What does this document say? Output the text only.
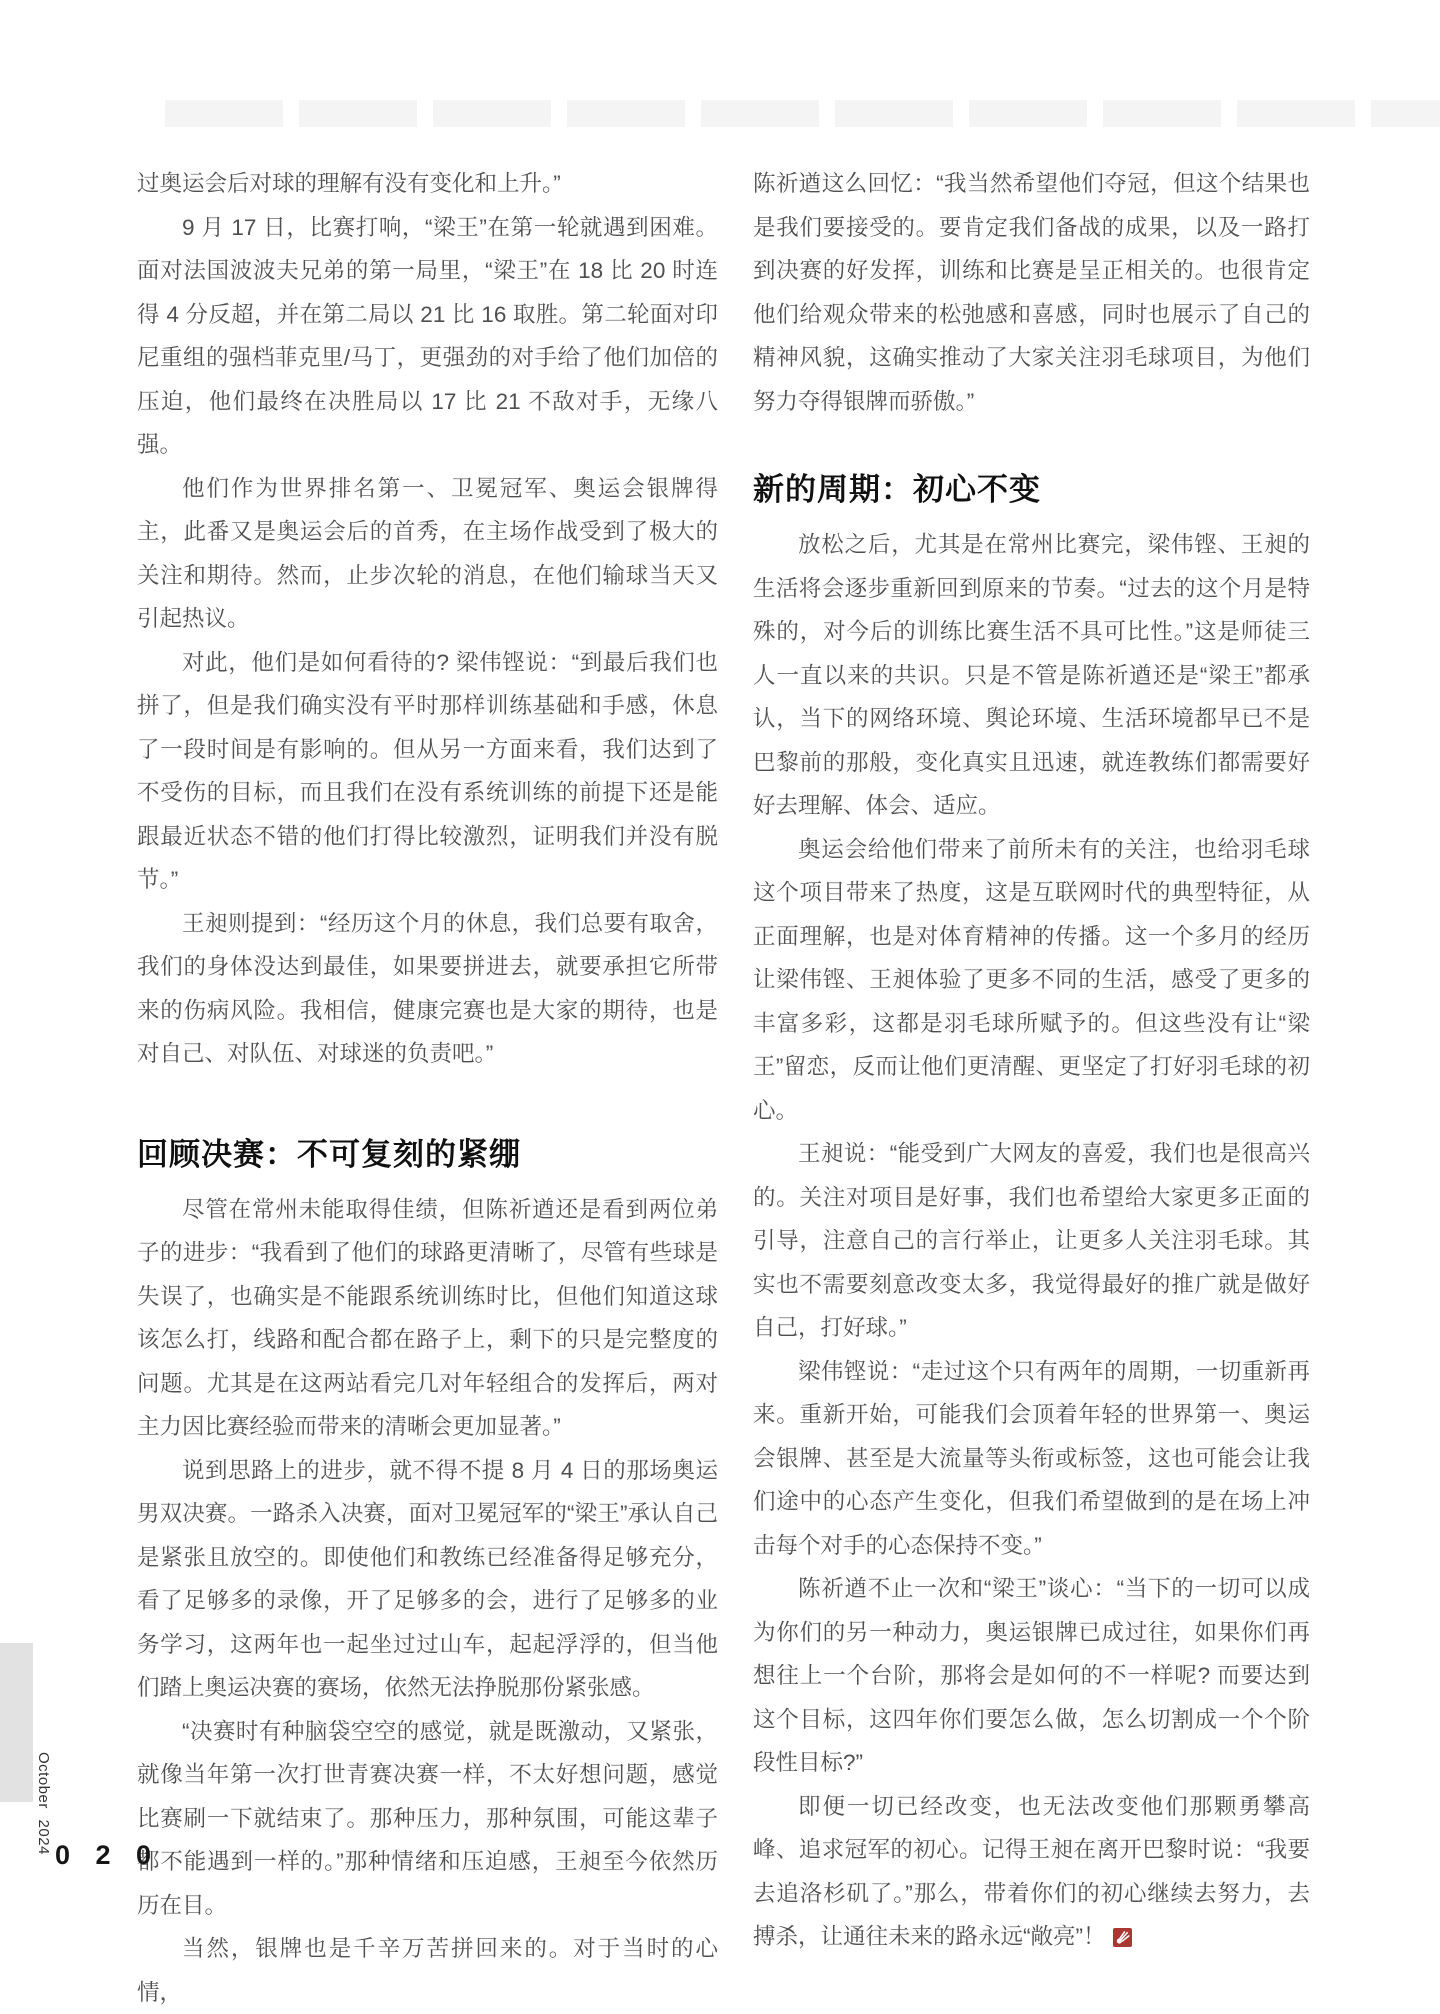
过奥运会后对球的理解有没有变化和上升。”

9 月 17 日，比赛打响，“梁王”在第一轮就遇到困难。面对法国波波夫兄弟的第一局里，“梁王”在 18 比 20 时连得 4 分反超，并在第二局以 21 比 16 取胜。第二轮面对印尼重组的强档菲克里/马丁，更强劲的对手给了他们加倍的压迫，他们最终在决胜局以 17 比 21 不敌对手，无缘八强。

他们作为世界排名第一、卫冕冠军、奥运会银牌得主，此番又是奥运会后的首秀，在主场作战受到了极大的关注和期待。然而，止步次轮的消息，在他们输球当天又引起热议。

对此，他们是如何看待的? 梁伟铿说：“到最后我们也拼了，但是我们确实没有平时那样训练基础和手感，休息了一段时间是有影响的。但从另一方面来看，我们达到了不受伤的目标，而且我们在没有系统训练的前提下还是能跟最近状态不错的他们打得比较激烈，证明我们并没有脱节。”

王昶则提到：“经历这个月的休息，我们总要有取舍，我们的身体没达到最佳，如果要拼进去，就要承担它所带来的伤病风险。我相信，健康完赛也是大家的期待，也是对自己、对队伍、对球迷的负责吧。”

回顾决赛：不可复刻的紧绷

尽管在常州未能取得佳绩，但陈祈遒还是看到两位弟子的进步：“我看到了他们的球路更清晰了，尽管有些球是失误了，也确实是不能跟系统训练时比，但他们知道这球该怎么打，线路和配合都在路子上，剩下的只是完整度的问题。尤其是在这两站看完几对年轻组合的发挥后，两对主力因比赛经验而带来的清晰会更加显著。”

说到思路上的进步，就不得不提 8 月 4 日的那场奥运男双决赛。一路杀入决赛，面对卫冕冠军的“梁王”承认自己是紧张且放空的。即使他们和教练已经准备得足够充分，看了足够多的录像，开了足够多的会，进行了足够多的业务学习，这两年也一起坐过过山车，起起浮浮的，但当他们踏上奥运决赛的赛场，依然无法挣脱那份紧张感。

“决赛时有种脑袋空空的感觉，就是既激动，又紧张，就像当年第一次打世青赛决赛一样，不太好想问题，感觉比赛刷一下就结束了。那种压力，那种氛围，可能这辈子都不能遇到一样的。”那种情绪和压迫感，王昶至今依然历历在目。

当然，银牌也是千辛万苦拼回来的。对于当时的心情，

陈祈遒这么回忆：“我当然希望他们夺冠，但这个结果也是我们要接受的。要肯定我们备战的成果，以及一路打到决赛的好发挥，训练和比赛是呈正相关的。也很肯定他们给观众带来的松弛感和喜感，同时也展示了自己的精神风貌，这确实推动了大家关注羽毛球项目，为他们努力夺得银牌而骄傲。”

新的周期：初心不变

放松之后，尤其是在常州比赛完，梁伟铿、王昶的生活将会逐步重新回到原来的节奏。“过去的这个月是特殊的，对今后的训练比赛生活不具可比性。”这是师徒三人一直以来的共识。只是不管是陈祈遒还是“梁王”都承认，当下的网络环境、舆论环境、生活环境都早已不是巴黎前的那般，变化真实且迅速，就连教练们都需要好好去理解、体会、适应。

奥运会给他们带来了前所未有的关注，也给羽毛球这个项目带来了热度，这是互联网时代的典型特征，从正面理解，也是对体育精神的传播。这一个多月的经历让梁伟铿、王昶体验了更多不同的生活，感受了更多的丰富多彩，这都是羽毛球所赋予的。但这些没有让“梁王”留恋，反而让他们更清醒、更坚定了打好羽毛球的初心。

王昶说：“能受到广大网友的喜爱，我们也是很高兴的。关注对项目是好事，我们也希望给大家更多正面的引导，注意自己的言行举止，让更多人关注羽毛球。其实也不需要刻意改变太多，我觉得最好的推广就是做好自己，打好球。”

梁伟铿说：“走过这个只有两年的周期，一切重新再来。重新开始，可能我们会顶着年轻的世界第一、奥运会银牌、甚至是大流量等头衔或标签，这也可能会让我们途中的心态产生变化，但我们希望做到的是在场上冲击每个对手的心态保持不变。”

陈祈遒不止一次和“梁王”谈心：“当下的一切可以成为你们的另一种动力，奥运银牌已成过往，如果你们再想往上一个台阶，那将会是如何的不一样呢? 而要达到这个目标，这四年你们要怎么做，怎么切割成一个个阶段性目标?”

即便一切已经改变，也无法改变他们那颗勇攀高峰、追求冠军的初心。记得王昶在离开巴黎时说：“我要去追洛杉矶了。”那么，带着你们的初心继续去努力，去搏杀，让通往未来的路永远“敞亮”！

October 2024
0 2 0
